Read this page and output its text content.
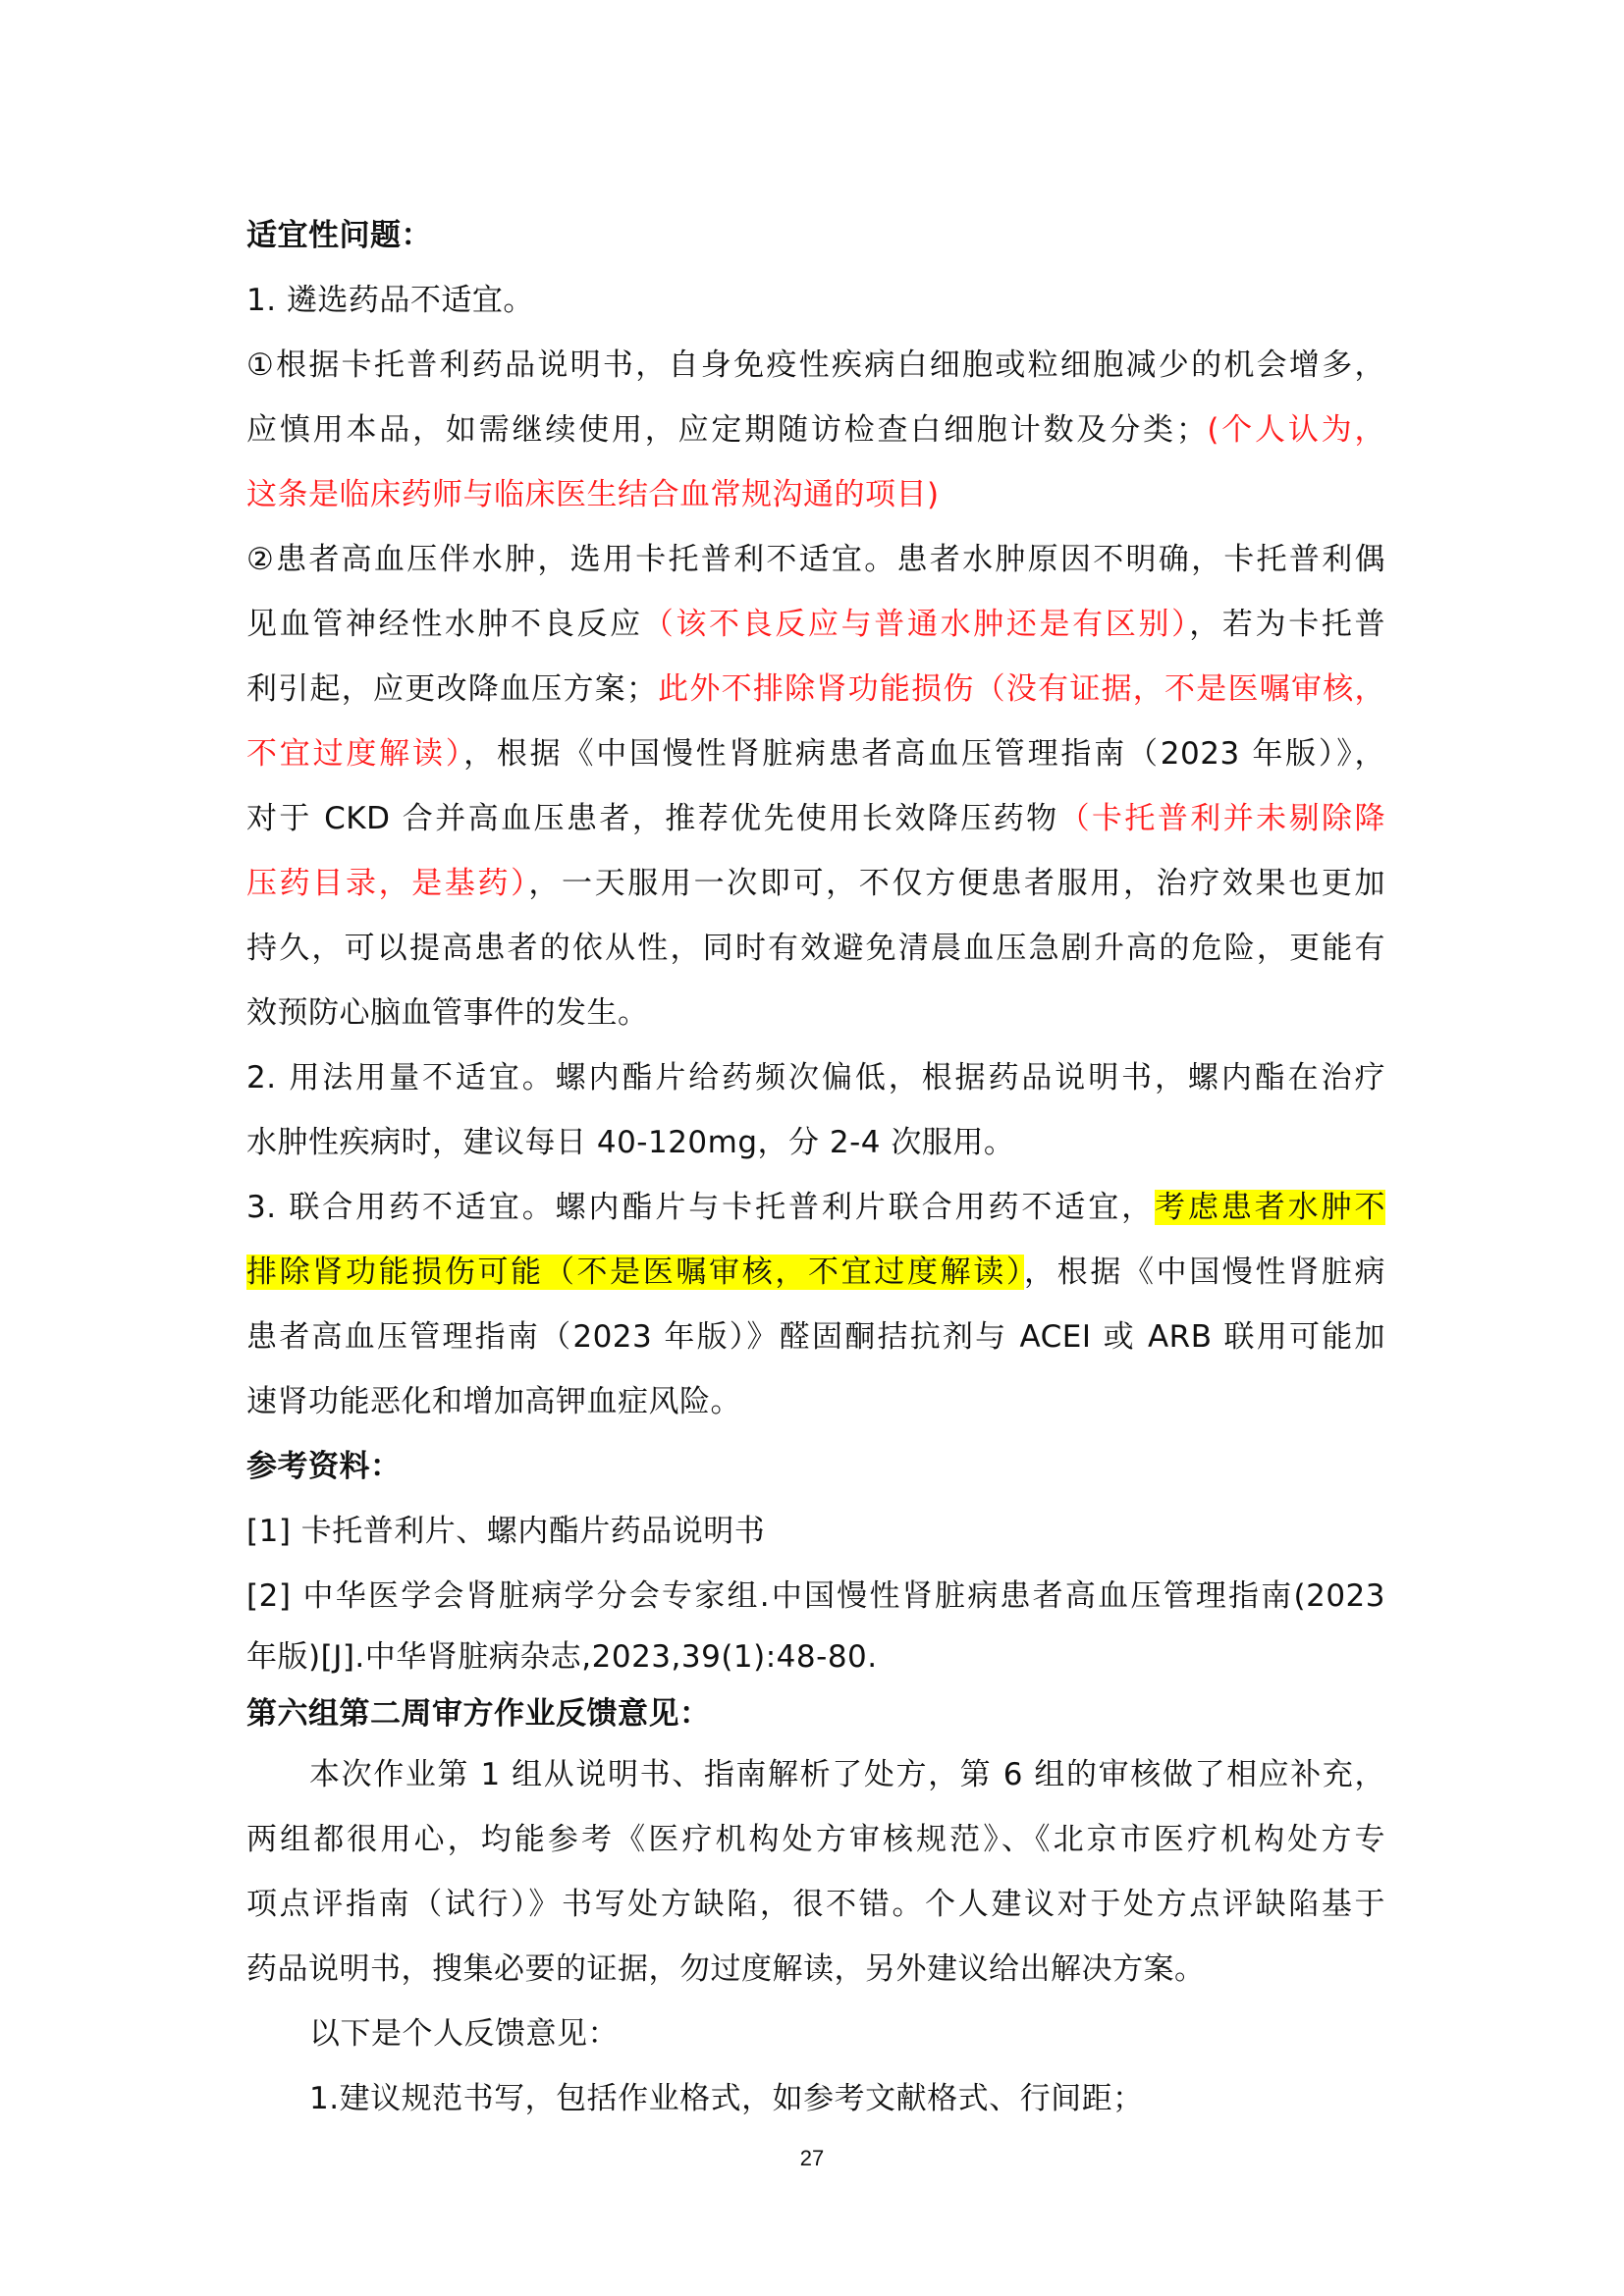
适宜性问题：
1. 遴选药品不适宜。
①根据卡托普利药品说明书，自身免疫性疾病白细胞或粒细胞减少的机会增多，
应慎用本品，如需继续使用，应定期随访检查白细胞计数及分类；(个人认为，
这条是临床药师与临床医生结合血常规沟通的项目)
②患者高血压伴水肿，选用卡托普利不适宜。患者水肿原因不明确，卡托普利偶
见血管神经性水肿不良反应（该不良反应与普通水肿还是有区别），若为卡托普
利引起，应更改降血压方案；此外不排除肾功能损伤（没有证据，不是医嘱审核，
不宜过度解读），根据《中国慢性肾脏病患者高血压管理指南（2023 年版）》，
对于 CKD 合并高血压患者，推荐优先使用长效降压药物（卡托普利并未剔除降
压药目录，是基药），一天服用一次即可，不仅方便患者服用，治疗效果也更加
持久，可以提高患者的依从性，同时有效避免清晨血压急剧升高的危险，更能有
效预防心脑血管事件的发生。
2. 用法用量不适宜。螺内酯片给药频次偏低，根据药品说明书，螺内酯在治疗
水肿性疾病时，建议每日 40-120mg，分 2-4 次服用。
3. 联合用药不适宜。螺内酯片与卡托普利片联合用药不适宜，考虑患者水肿不
排除肾功能损伤可能（不是医嘱审核，不宜过度解读），根据《中国慢性肾脏病
患者高血压管理指南（2023 年版）》醛固酮拮抗剂与 ACEI 或 ARB 联用可能加
速肾功能恶化和增加高钾血症风险。
参考资料：
[1] 卡托普利片、螺内酯片药品说明书
[2] 中华医学会肾脏病学分会专家组.中国慢性肾脏病患者高血压管理指南(2023
年版)[J].中华肾脏病杂志,2023,39(1):48-80.
第六组第二周审方作业反馈意见：
本次作业第 1 组从说明书、指南解析了处方，第 6 组的审核做了相应补充，
两组都很用心，均能参考《医疗机构处方审核规范》、《北京市医疗机构处方专
项点评指南（试行）》书写处方缺陷，很不错。个人建议对于处方点评缺陷基于
药品说明书，搜集必要的证据，勿过度解读，另外建议给出解决方案。
以下是个人反馈意见：
1.建议规范书写，包括作业格式，如参考文献格式、行间距；
27
